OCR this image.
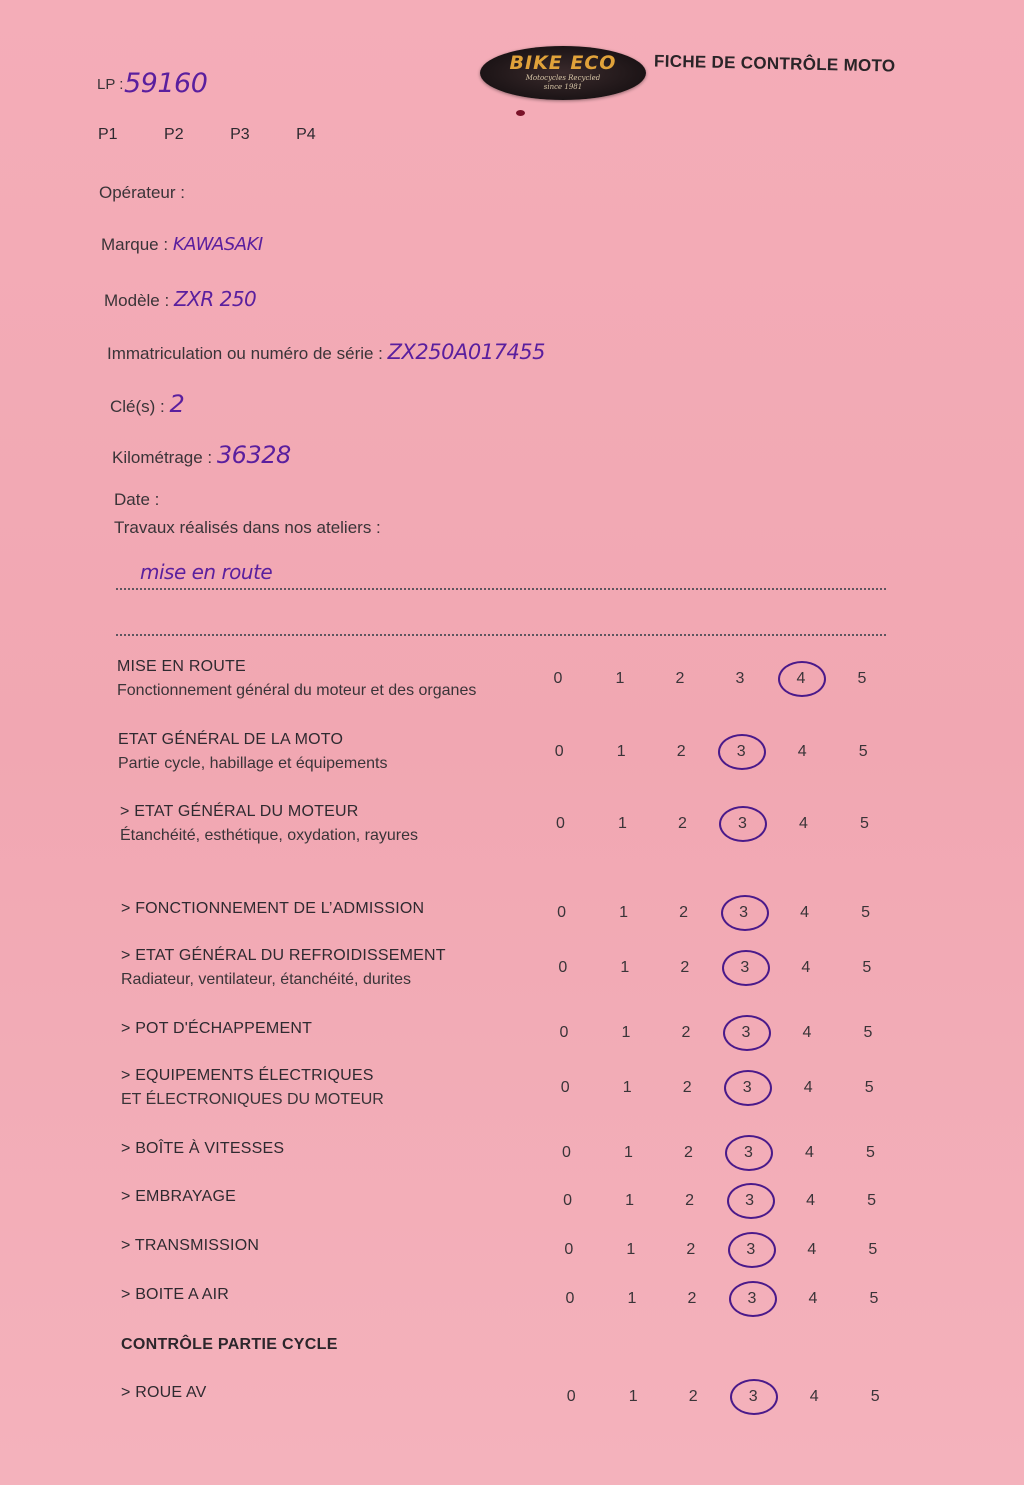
BIKE ECO
Motocycles Recycled
since 1981
FICHE DE CONTRÔLE MOTO
LP : 59160
P1	P2	P3	P4
Opérateur :
Marque : KAWASAKI
Modèle : ZXR 250
Immatriculation ou numéro de série : ZX250A017455
Clé(s) : 2
Kilométrage : 36328
Date :
Travaux réalisés dans nos ateliers :
mise en route
MISE EN ROUTE
Fonctionnement général du moteur et des organes
0	1	2	3	4	5
ETAT GÉNÉRAL DE LA MOTO
Partie cycle, habillage et équipements
0	1	2	3	4	5
> ETAT GÉNÉRAL DU MOTEUR
Étanchéité, esthétique, oxydation, rayures
0	1	2	3	4	5
> FONCTIONNEMENT DE L’ADMISSION	0	1	2	3	4	5
> ETAT GÉNÉRAL DU REFROIDISSEMENT
Radiateur, ventilateur, étanchéité, durites
0	1	2	3	4	5
> POT D'ÉCHAPPEMENT	0	1	2	3	4	5
> EQUIPEMENTS ÉLECTRIQUES
ET ÉLECTRONIQUES DU MOTEUR
0	1	2	3	4	5
> BOÎTE À VITESSES	0	1	2	3	4	5
> EMBRAYAGE	0	1	2	3	4	5
> TRANSMISSION	0	1	2	3	4	5
> BOITE A AIR	0	1	2	3	4	5
> ROUE AV	0	1	2	3	4	5
CONTRÔLE PARTIE CYCLE
